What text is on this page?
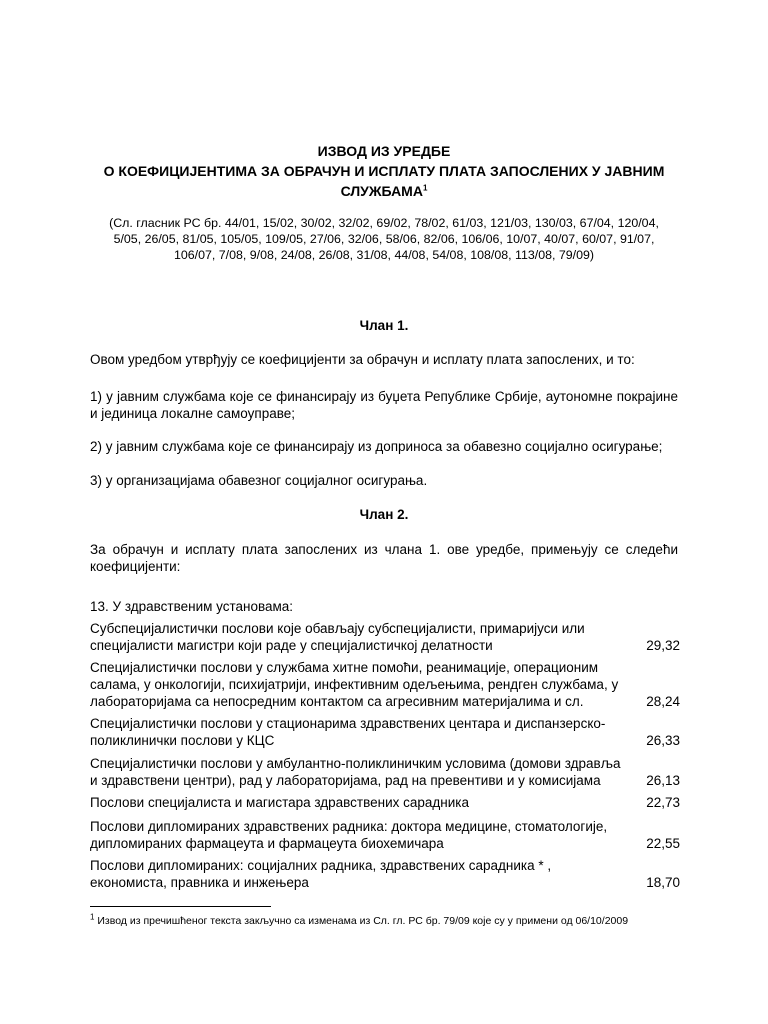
ИЗВОД ИЗ УРЕДБЕ
О КОЕФИЦИЈЕНТИМА ЗА ОБРАЧУН И ИСПЛАТУ ПЛАТА ЗАПОСЛЕНИХ У ЈАВНИМ
СЛУЖБАМА$^1$
(Сл. гласник РС бр. 44/01, 15/02, 30/02, 32/02, 69/02, 78/02, 61/03, 121/03, 130/03, 67/04, 120/04,
5/05, 26/05, 81/05, 105/05, 109/05, 27/06, 32/06, 58/06, 82/06, 106/06, 10/07, 40/07, 60/07, 91/07,
106/07, 7/08, 9/08, 24/08, 26/08, 31/08, 44/08, 54/08, 108/08, 113/08, 79/09)
Члан 1.
Овом уредбом утврђују се коефицијенти за обрачун и исплату плата запослених, и то:
1) у јавним службама које се финансирају из буџета Републике Србије, аутономне покрајине и јединица локалне самоуправе;
2) у јавним службама које се финансирају из доприноса за обавезно социјално осигурање;
3) у организацијама обавезног социјалног осигурања.
Члан 2.
За обрачун и исплату плата запослених из члана 1. ове уредбе, примењују се следећи коефицијенти:
13. У здравственим установама:
Субспецијалистички послови које обављају субспецијалисти, примаријуси или специјалисти магистри који раде у специјалистичкој делатности	29,32
Специјалистички послови у службама хитне помоћи, реанимације, операционим салама, у онкологији, психијатрији, инфективним одељењима, рендген службама, у лабораторијама са непосредним контактом са агресивним материјалима и сл.	28,24
Специјалистички послови у стационарима здравствених центара и диспанзерско-поликлинички послови у КЦС	26,33
Специјалистички послови у амбулантно-поликлиничким условима (домови здравља и здравствени центри), рад у лабораторијама, рад на превентиви и у комисијама	26,13
Послови специјалиста и магистара здравствених сарадника	22,73
Послови дипломираних здравствених радника: доктора медицине, стоматологије, дипломираних фармацеута и фармацеута биохемичара	22,55
Послови дипломираних: социјалних радника, здравствених сарадника * , економиста, правника и инжењера	18,70
$^1$ Извод из пречишћеног текста закључно са изменама из Сл. гл. РС бр. 79/09 које су у примени од 06/10/2009
